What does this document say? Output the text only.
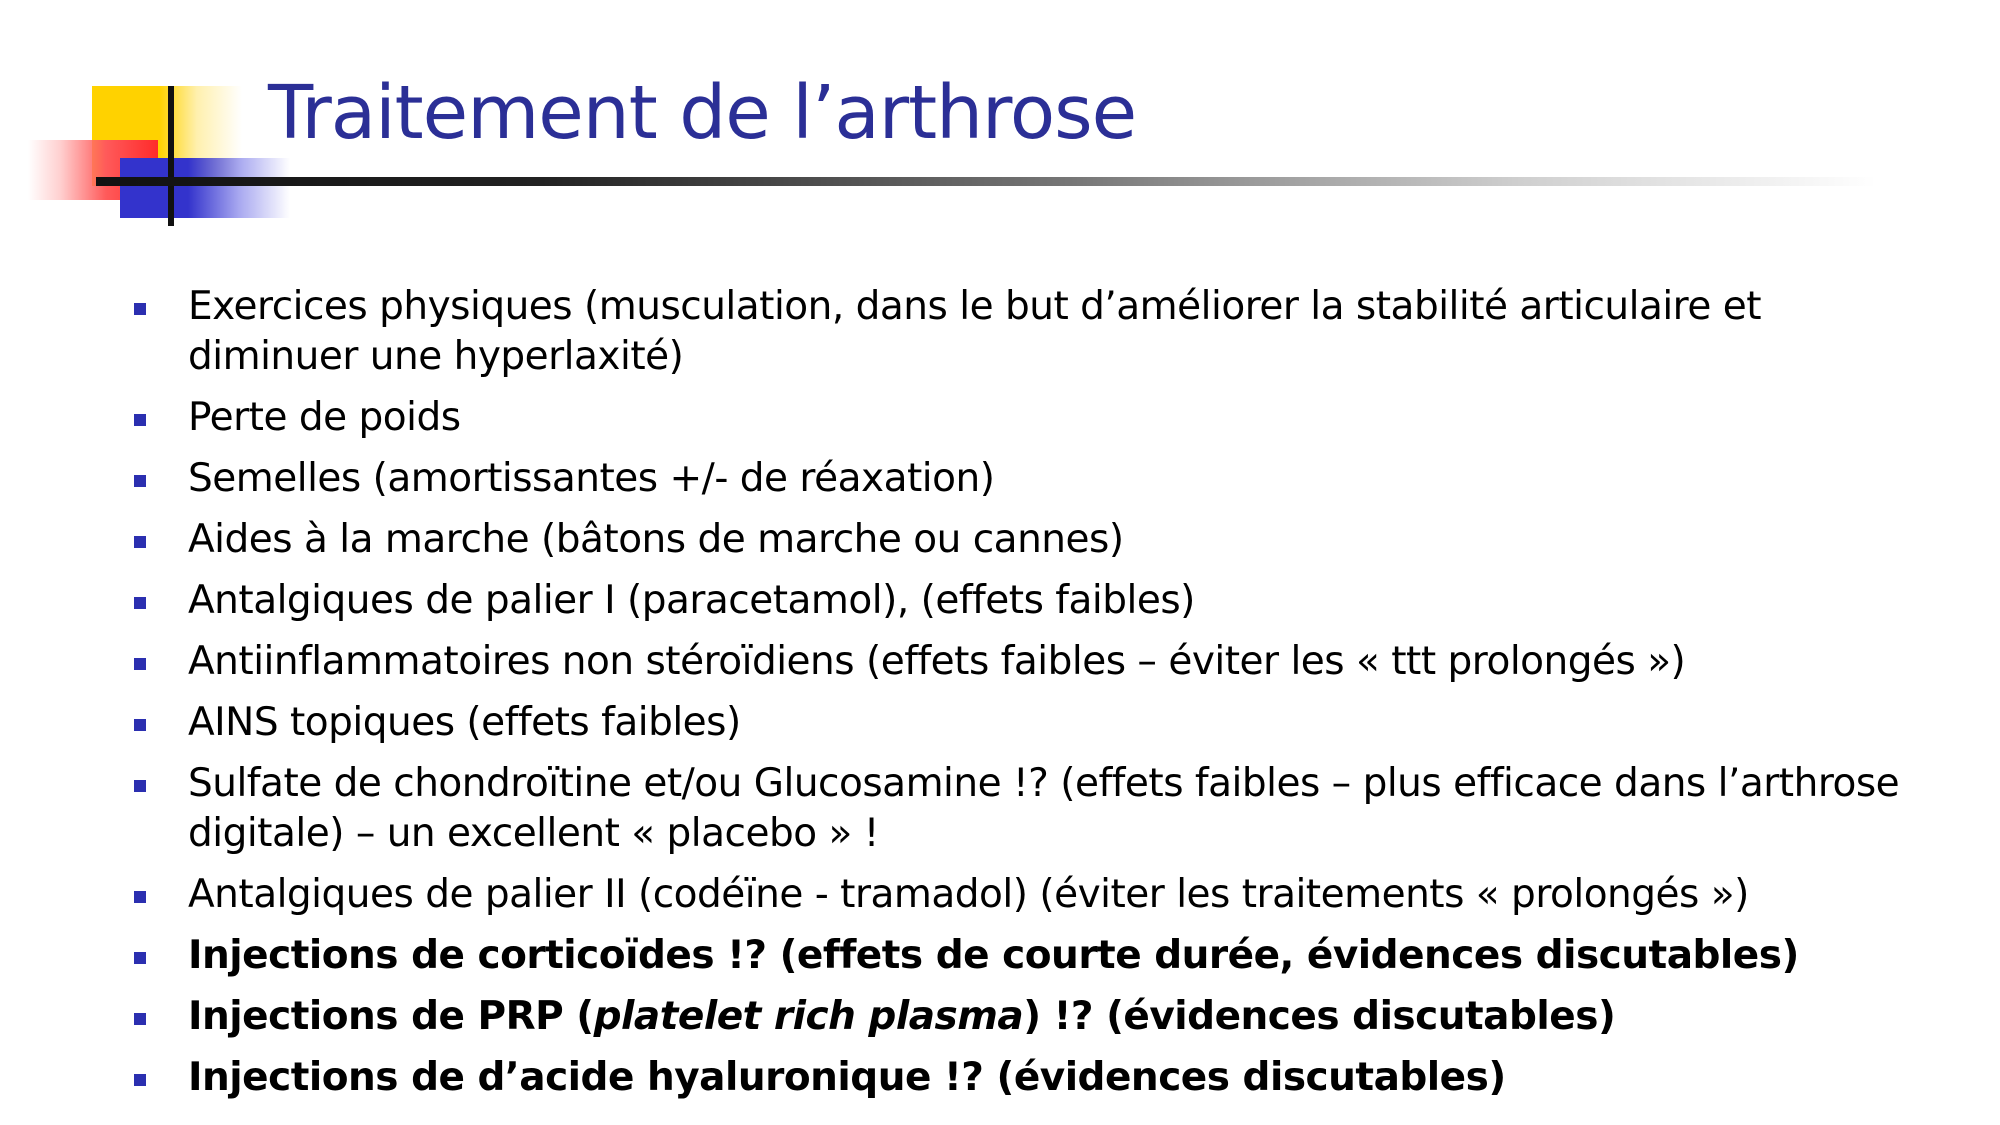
Traitement de l’arthrose
Exercices physiques (musculation, dans le but d’améliorer la stabilité articulaire et diminuer une hyperlaxité)
Perte de poids
Semelles (amortissantes +/- de réaxation)
Aides à la marche (bâtons de marche ou cannes)
Antalgiques de palier I (paracetamol), (effets faibles)
Antiinflammatoires non stéroïdiens (effets faibles – éviter les « ttt prolongés »)
AINS topiques (effets faibles)
Sulfate de chondroïtine et/ou Glucosamine !? (effets faibles – plus efficace dans l’arthrose digitale) – un excellent « placebo » !
Antalgiques de palier II (codéïne - tramadol) (éviter les traitements « prolongés »)
Injections de corticoïdes !? (effets de courte durée, évidences discutables)
Injections de PRP (platelet rich plasma) !? (évidences discutables)
Injections de d’acide hyaluronique !? (évidences discutables)
